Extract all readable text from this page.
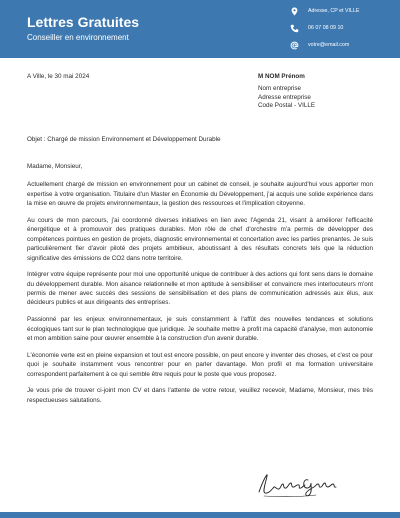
Lettres Gratuites
Conseiller en environnement
Adresse, CP et VILLE
06 07 08 09 10
votre@email.com
A Ville, le 30 mai 2024	M NOM Prénom
Nom entreprise
Adresse entreprise
Code Postal - VILLE
Objet : Chargé de mission Environnement et Développement Durable

Madame, Monsieur,

Actuellement chargé de mission en environnement pour un cabinet de conseil, je souhaite aujourd'hui vous apporter mon expertise à votre organisation. Titulaire d'un Master en Économie du Développement, j'ai acquis une solide expérience dans la mise en œuvre de projets environnementaux, la gestion des ressources et l'implication citoyenne.

Au cours de mon parcours, j'ai coordonné diverses initiatives en lien avec l'Agenda 21, visant à améliorer l'efficacité énergétique et à promouvoir des pratiques durables. Mon rôle de chef d'orchestre m'a permis de développer des compétences pointues en gestion de projets, diagnostic environnemental et concertation avec les parties prenantes. Je suis particulièrement fier d'avoir piloté des projets ambitieux, aboutissant à des résultats concrets tels que la réduction significative des émissions de CO2 dans notre territoire.

Intégrer votre équipe représente pour moi une opportunité unique de contribuer à des actions qui font sens dans le domaine du développement durable. Mon aisance relationnelle et mon aptitude à sensibiliser et convaincre mes interlocuteurs m'ont permis de mener avec succès des sessions de sensibilisation et des plans de communication adressés aux élus, aux décideurs publics et aux dirigeants des entreprises.

Passionné par les enjeux environnementaux, je suis constamment à l'affût des nouvelles tendances et solutions écologiques tant sur le plan technologique que juridique. Je souhaite mettre à profit ma capacité d'analyse, mon autonomie et mon ambition saine pour œuvrer ensemble à la construction d'un avenir durable.

L'économie verte est en pleine expansion et tout est encore possible, on peut encore y inventer des choses, et c'est ce pour quoi je souhaite instamment vous rencontrer pour en parler davantage. Mon profil et ma formation universitaire correspondent parfaitement à ce qui semble être requis pour le poste que vous proposez.

Je vous prie de trouver ci-joint mon CV et dans l'attente de votre retour, veuillez recevoir, Madame, Monsieur, mes très respectueuses salutations.
